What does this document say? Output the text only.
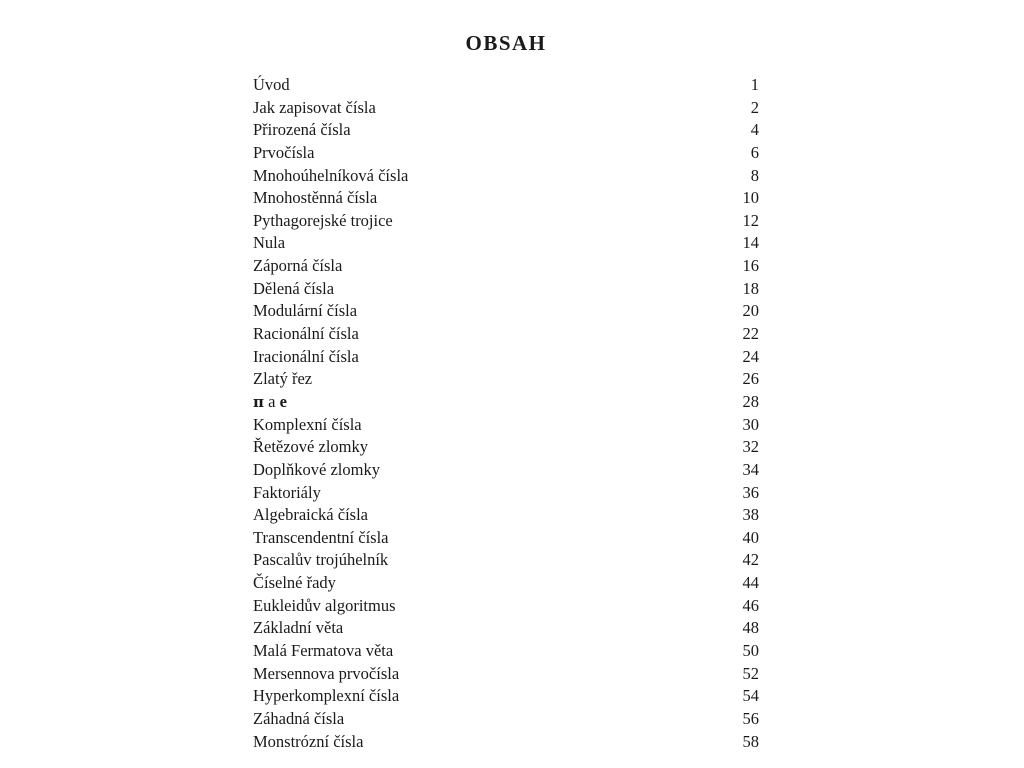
OBSAH
Úvod	1
Jak zapisovat čísla	2
Přirozená čísla	4
Prvočísla	6
Mnohoúhelníková čísla	8
Mnohostěnná čísla	10
Pythagorejské trojice	12
Nula	14
Záporná čísla	16
Dělená čísla	18
Modulární čísla	20
Racionální čísla	22
Iracionální čísla	24
Zlatý řez	26
π a e	28
Komplexní čísla	30
Řetězové zlomky	32
Doplňkové zlomky	34
Faktoriály	36
Algebraická čísla	38
Transcendentní čísla	40
Pascalův trojúhelník	42
Číselné řady	44
Eukleidův algoritmus	46
Základní věta	48
Malá Fermatova věta	50
Mersennova prvočísla	52
Hyperkomplexní čísla	54
Záhadná čísla	56
Monstrózní čísla	58
